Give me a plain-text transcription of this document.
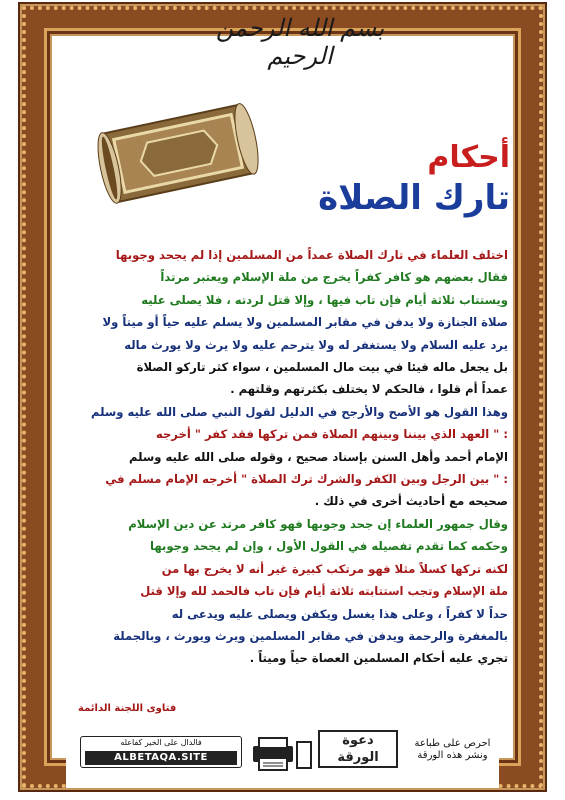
بسم الله الرحمن الرحيم
أحكام
تارك الصلاة

اختلف العلماء في تارك الصلاة عمداً من المسلمين إذا لم يجحد وجوبها

فقال بعضهم هو كافر كفراً يخرج من ملة الإسلام ويعتبر مرتداً

ويستتاب ثلاثة أيام فإن تاب فيها ، وإلا قتل لردته ، فلا يصلى عليه

صلاة الجنازة ولا يدفن في مقابر المسلمين ولا يسلم عليه حياً أو ميتاً ولا

يرد عليه السلام ولا يستغفر له ولا يترحم عليه ولا يرث ولا يورث ماله

بل يجعل ماله فيئا في بيت مال المسلمين ، سواء كثر تاركو الصلاة

عمداً أم قلوا ، فالحكم لا يختلف بكثرتهم وقلتهم .

وهذا القول هو الأصح والأرجح في الدليل لقول النبي صلى الله عليه وسلم

: " العهد الذي بيننا وبينهم الصلاة فمن تركها فقد كفر " أخرجه

الإمام أحمد وأهل السنن بإسناد صحيح ، وقوله صلى الله عليه وسلم

: " بين الرجل وبين الكفر والشرك ترك الصلاة " أخرجه الإمام مسلم في

صحيحه مع أحاديث أخرى في ذلك .

وقال جمهور العلماء إن جحد وجوبها فهو كافر مرتد عن دين الإسلام

وحكمه كما تقدم تفصيله في القول الأول ، وإن لم يجحد وجوبها

لكنه تركها كسلاً مثلا فهو مرتكب كبيرة غير أنه لا يخرج بها من

ملة الإسلام وتجب استتابته ثلاثة أيام فإن تاب فالحمد لله وإلا قتل

حداً لا كفراً ، وعلى هذا يغسل ويكفن ويصلى عليه ويدعى له

بالمغفرة والرحمة ويدفن في مقابر المسلمين ويرث ويورث ، وبالجملة

تجري عليه أحكام المسلمين العصاة حياً وميتاً .

فتاوى اللجنة الدائمة
فالدال على الخير كفاعله
ALBETAQA.SITE
دعوة الورقة
احرص على طباعة
ونشر هذه الورقة
